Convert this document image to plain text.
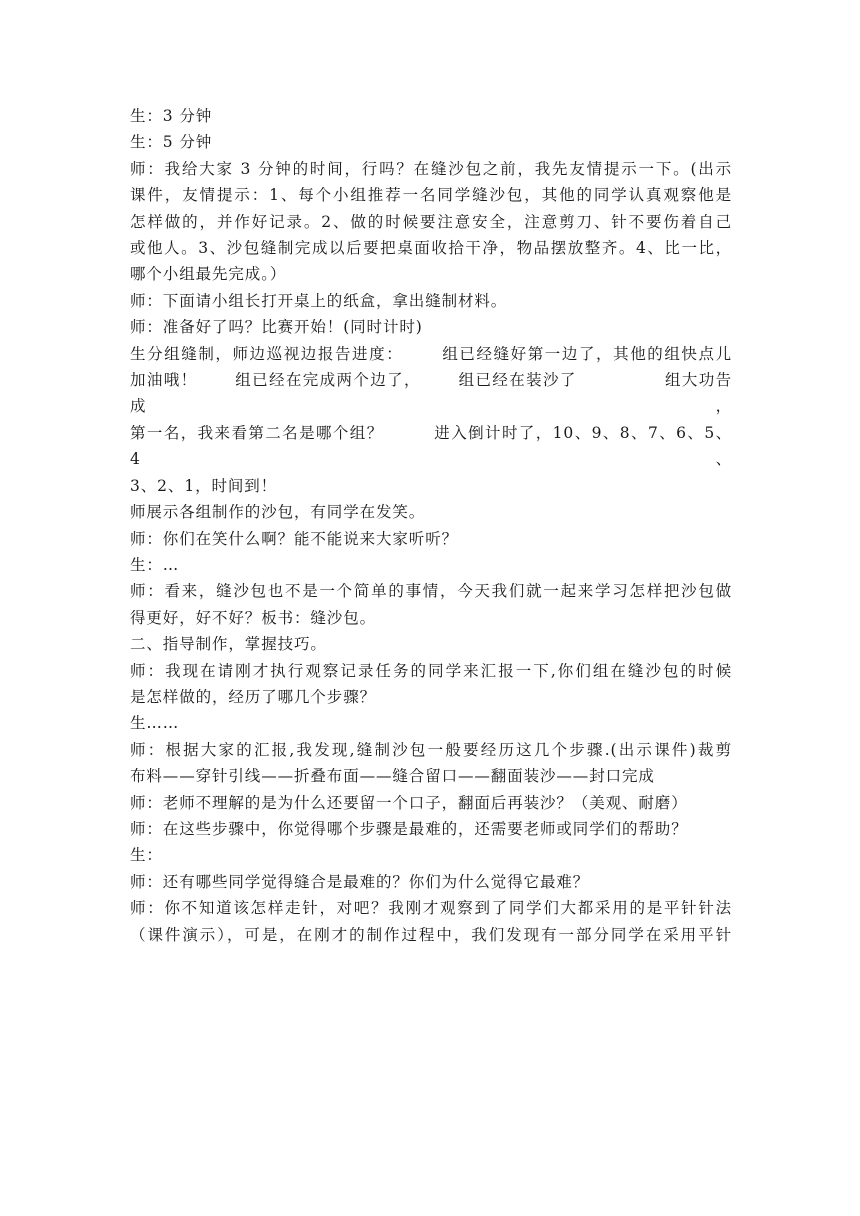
生：3 分钟

生：5 分钟

师：我给大家 3 分钟的时间，行吗？在缝沙包之前，我先友情提示一下。(出示

课件，友情提示：1、每个小组推荐一名同学缝沙包，其他的同学认真观察他是

怎样做的，并作好记录。2、做的时候要注意安全，注意剪刀、针不要伤着自己

或他人。3、沙包缝制完成以后要把桌面收拾干净，物品摆放整齐。4、比一比，

哪个小组最先完成。）

师：下面请小组长打开桌上的纸盒，拿出缝制材料。

师：准备好了吗？比赛开始！(同时计时)

生分组缝制，师边巡视边报告进度：      组已经缝好第一边了，其他的组快点儿

加油哦！      组已经在完成两个边了，      组已经在装沙了              组大功告成，

第一名，我来看第二名是哪个组？        进入倒计时了，10、9、8、7、6、5、4、

3、2、1，时间到！

师展示各组制作的沙包，有同学在发笑。

师：你们在笑什么啊？能不能说来大家听听？

生：…

师：看来，缝沙包也不是一个简单的事情，今天我们就一起来学习怎样把沙包做

得更好，好不好？板书：缝沙包。

二、指导制作，掌握技巧。

师：我现在请刚才执行观察记录任务的同学来汇报一下,你们组在缝沙包的时候

是怎样做的，经历了哪几个步骤？

生……

师：根据大家的汇报,我发现,缝制沙包一般要经历这几个步骤.(出示课件)裁剪

布料——穿针引线——折叠布面——缝合留口——翻面装沙——封口完成

师：老师不理解的是为什么还要留一个口子，翻面后再装沙？（美观、耐磨）

师：在这些步骤中，你觉得哪个步骤是最难的，还需要老师或同学们的帮助？

生：

师：还有哪些同学觉得缝合是最难的？你们为什么觉得它最难？

师：你不知道该怎样走针，对吧？我刚才观察到了同学们大都采用的是平针针法

（课件演示），可是，在刚才的制作过程中，我们发现有一部分同学在采用平针
